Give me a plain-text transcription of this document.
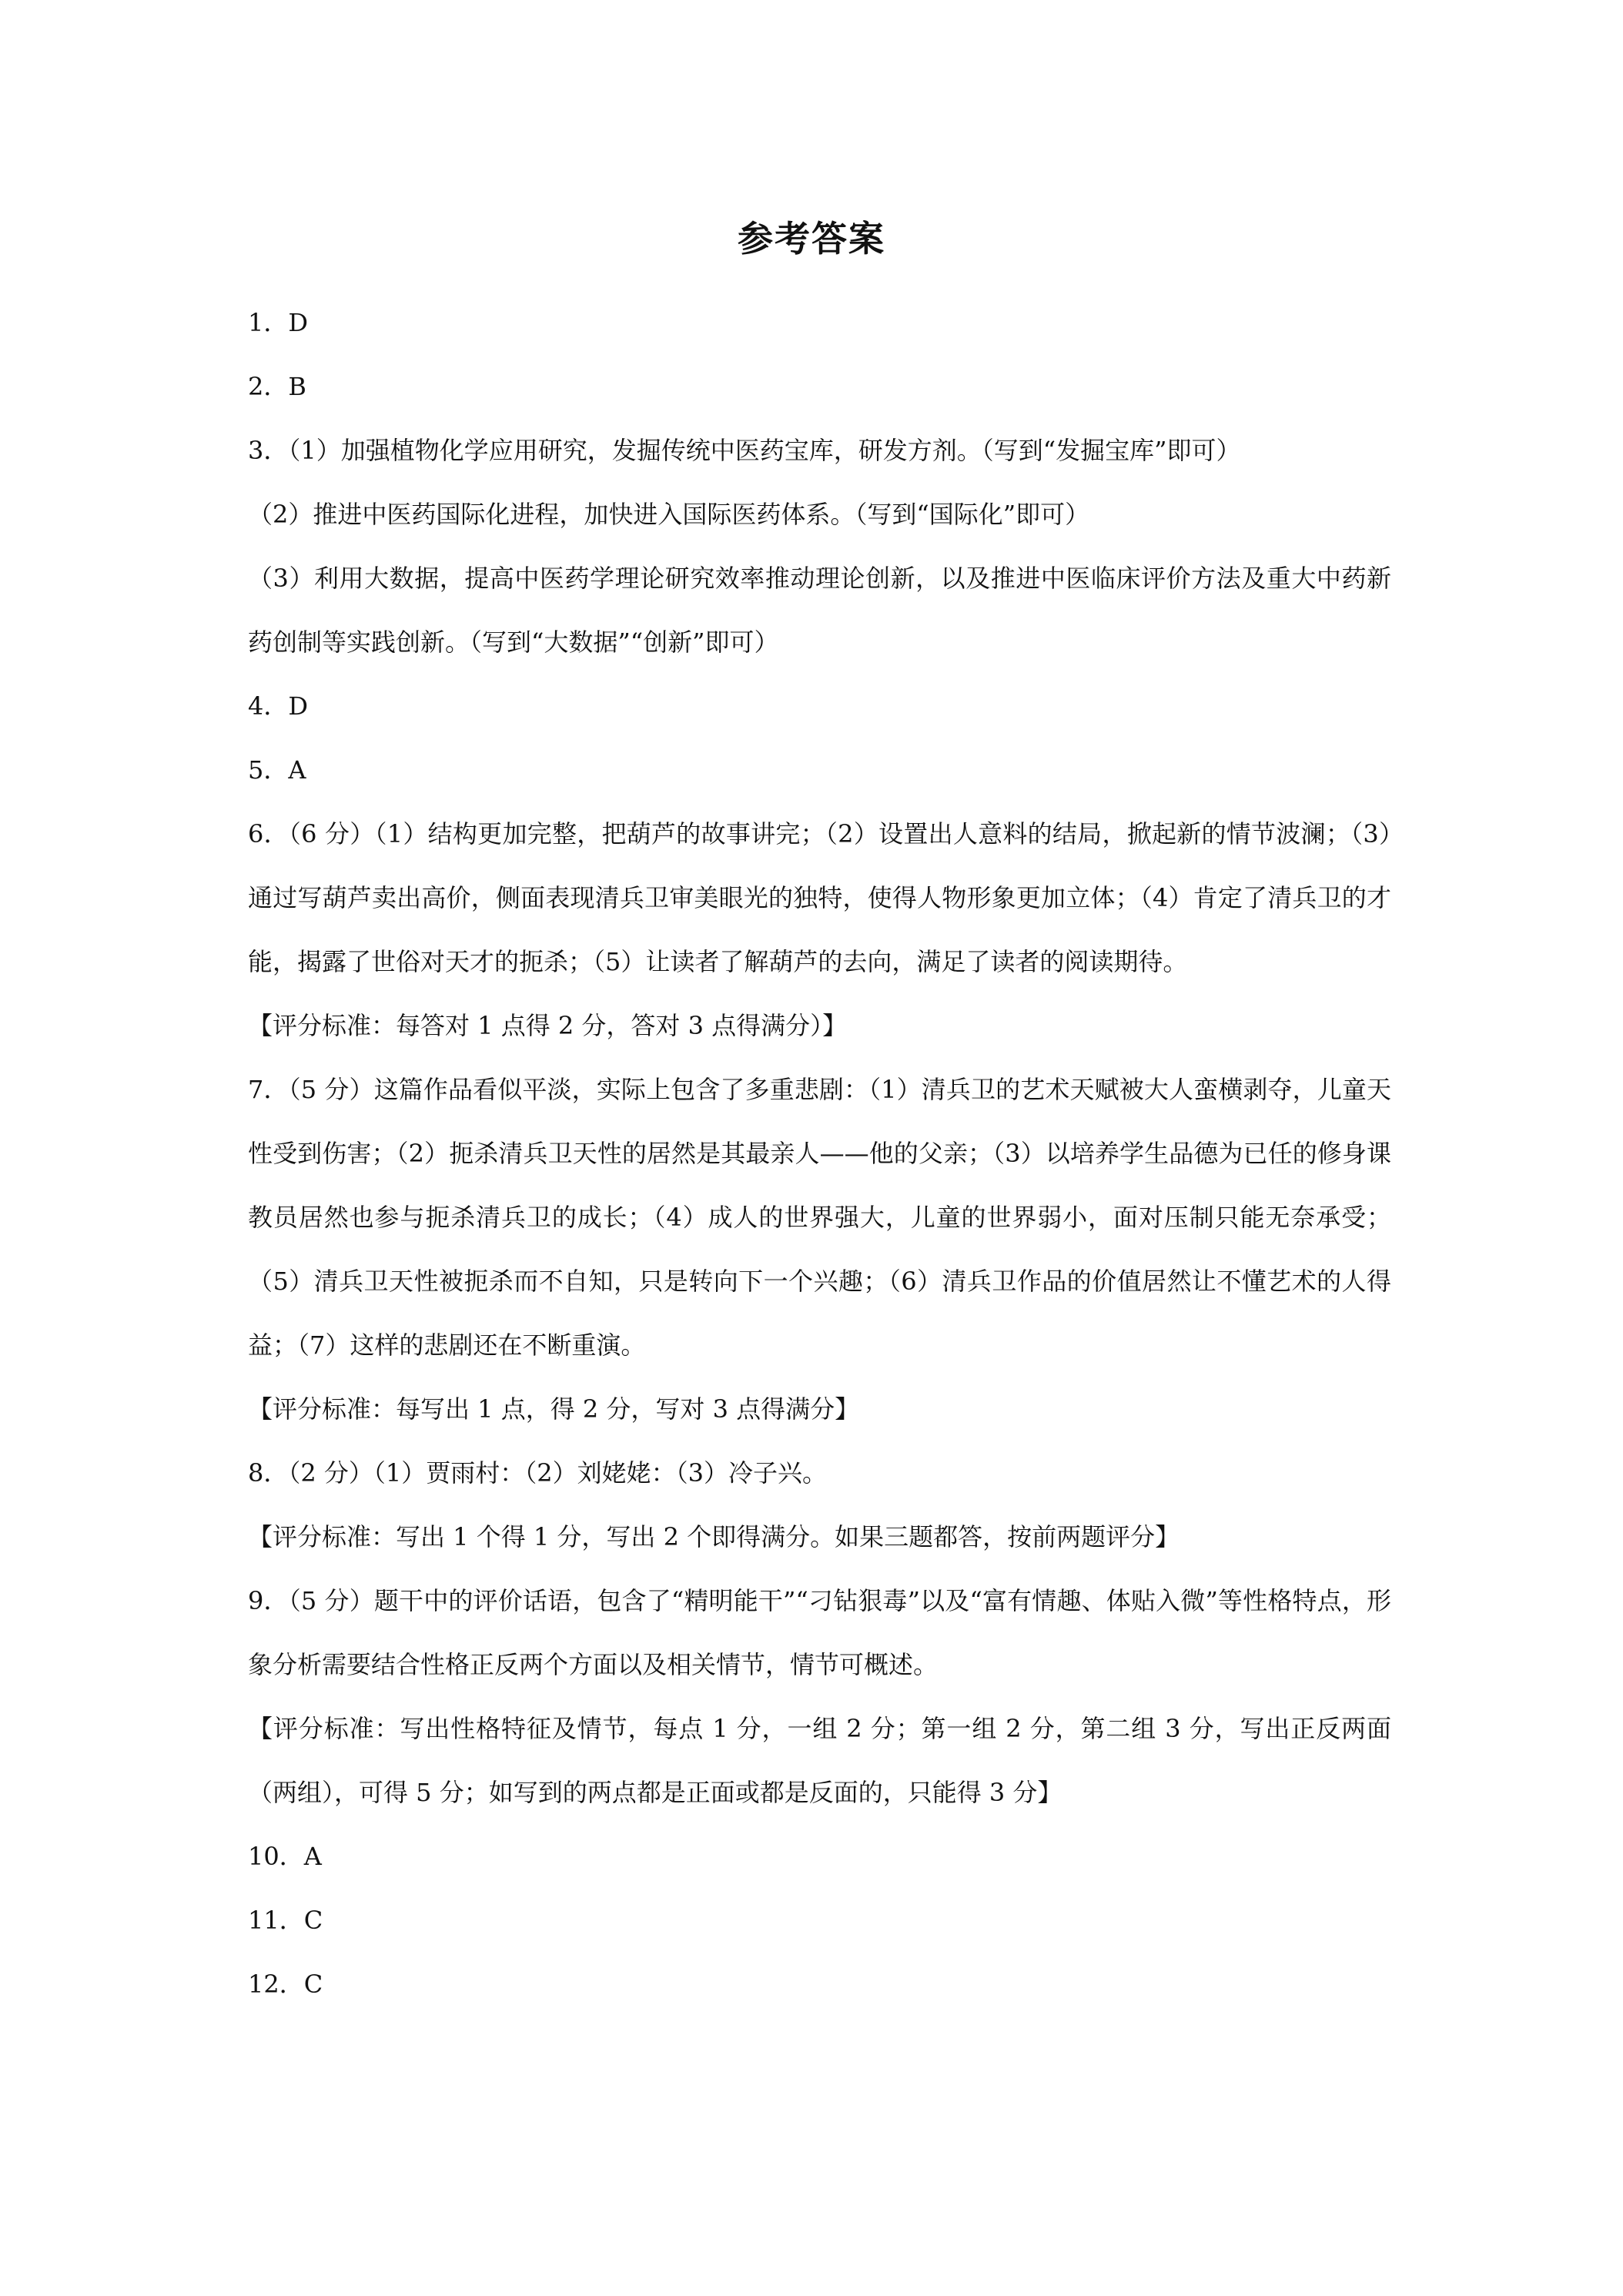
参考答案

1．D

2．B

3．（1）加强植物化学应用研究，发掘传统中医药宝库，研发方剂。（写到“发掘宝库”即可）

（2）推进中医药国际化进程，加快进入国际医药体系。（写到“国际化”即可）

（3）利用大数据，提高中医药学理论研究效率推动理论创新，以及推进中医临床评价方法及重大中药新药创制等实践创新。（写到“大数据”“创新”即可）

4．D

5．A

6．（6 分）（1）结构更加完整，把葫芦的故事讲完；（2）设置出人意料的结局，掀起新的情节波澜；（3）通过写葫芦卖出高价，侧面表现清兵卫审美眼光的独特，使得人物形象更加立体；（4）肯定了清兵卫的才能，揭露了世俗对天才的扼杀；（5）让读者了解葫芦的去向，满足了读者的阅读期待。

【评分标准：每答对 1 点得 2 分，答对 3 点得满分）】

7．（5 分）这篇作品看似平淡，实际上包含了多重悲剧：（1）清兵卫的艺术天赋被大人蛮横剥夺，儿童天性受到伤害；（2）扼杀清兵卫天性的居然是其最亲人——他的父亲；（3）以培养学生品德为已任的修身课教员居然也参与扼杀清兵卫的成长；（4）成人的世界强大，儿童的世界弱小，面对压制只能无奈承受；（5）清兵卫天性被扼杀而不自知，只是转向下一个兴趣；（6）清兵卫作品的价值居然让不懂艺术的人得益；（7）这样的悲剧还在不断重演。

【评分标准：每写出 1 点，得 2 分，写对 3 点得满分】

8．（2 分）（1）贾雨村：（2）刘姥姥：（3）冷子兴。

【评分标准：写出 1 个得 1 分，写出 2 个即得满分。如果三题都答，按前两题评分】

9．（5 分）题干中的评价话语，包含了“精明能干”“刁钻狠毒”以及“富有情趣、体贴入微”等性格特点，形象分析需要结合性格正反两个方面以及相关情节，情节可概述。

【评分标准：写出性格特征及情节，每点 1 分，一组 2 分；第一组 2 分，第二组 3 分，写出正反两面（两组），可得 5 分；如写到的两点都是正面或都是反面的，只能得 3 分】

10．A

11．C

12．C
